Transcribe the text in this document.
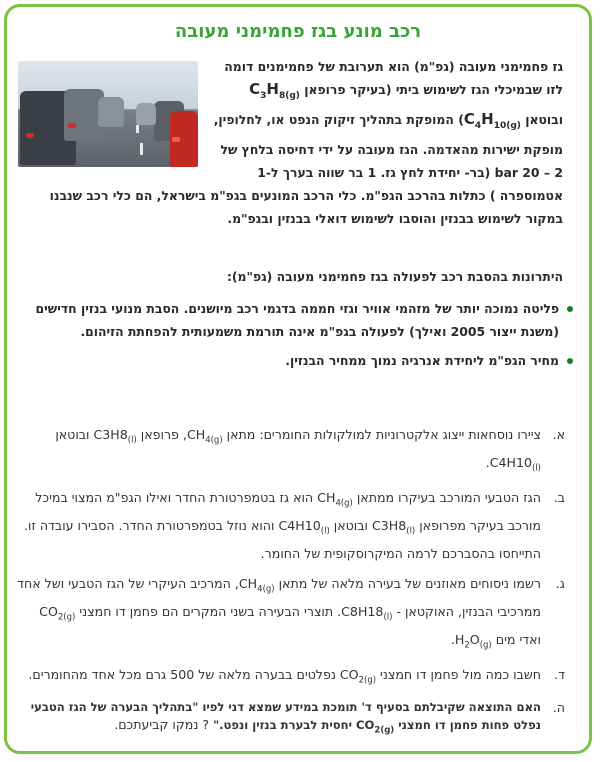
רכב מונע בגז פחמימני מעובה
גז פחמימני מעובה (גפ"מ) הוא תערובת של פחמימנים דומה לזו שבמיכלי הגז לשימוש ביתי (בעיקר פרופאן $C_3H_{8(g)}$ ובוטאן $C_4H_{10(g)}$) המופקת בתהליך זיקוק הנפט או, לחלופין, מופקת ישירות מהאדמה. הגז מעובה על ידי דחיסה בלחץ של 2 – 20 bar (בר- יחידת לחץ גז. 1 בר שווה בערך ל-1 אטמוספרה ) כתלות בהרכב הגפ"מ. כלי הרכב המונעים בגפ"מ בישראל, הם כלי רכב שנבנו במקור לשימוש בבנזין והוסבו לשימוש דואלי בבנזין ובגפ"מ.
היתרונות בהסבת רכב לפעולה בגז פחמימני מעובה (גפ"מ):
פליטה נמוכה יותר של מזהמי אוויר וגזי חממה בדגמי רכב מיושנים. הסבת מנועי בנזין חדישים (משנת ייצור 2005 ואילך) לפעולה בגפ"מ אינה תורמת משמעותית להפחתת הזיהום.
מחיר הגפ"מ ליחידת אנרגיה נמוך ממחיר הבנזין.
א.
ציירו נוסחאות ייצוג אלקטרוניות למולקולות החומרים: מתאן $CH_{4(g)}$, פרופאן $C3H8_{(l)}$ ובוטאן $C4H10_{(l)}$.
ב.
הגז הטבעי המורכב בעיקרו ממתאן $CH_{4(g)}$ הוא גז בטמפרטורת החדר ואילו הגפ"מ המצוי במיכל מורכב בעיקר מפרופאן $C3H8_{(l)}$ ובוטאן $C4H10_{(l)}$ והוא נוזל בטמפרטורת החדר. הסבירו עובדה זו. התייחסו בהסברכם לרמה המיקרוסקופית של החומר.
ג.
רשמו ניסוחים מאוזנים של בעירה מלאה של מתאן $CH_{4(g)}$, המרכיב העיקרי של הגז הטבעי ושל אחד ממרכיבי הבנזין, האוקטאן - $C8H18_{(l)}$. תוצרי הבעירה בשני המקרים הם פחמן דו חמצני $CO_{2(g)}$ ואדי מים $H_2O_{(g)}$.
ד.
חשבו כמה מול פחמן דו חמצני $CO_{2(g)}$ נפלטים בבערה מלאה של 500 גרם מכל אחד מהחומרים.
ה.
האם התוצאה שקיבלתם בסעיף ד' תומכת במידע שמצא דני לפיו "בתהליך הבערה של הגז הטבעי נפלט פחות פחמן דו חמצני $CO_{2(g)}$ יחסית לבערת בנזין ונפט." ? נמקו קביעתכם.
